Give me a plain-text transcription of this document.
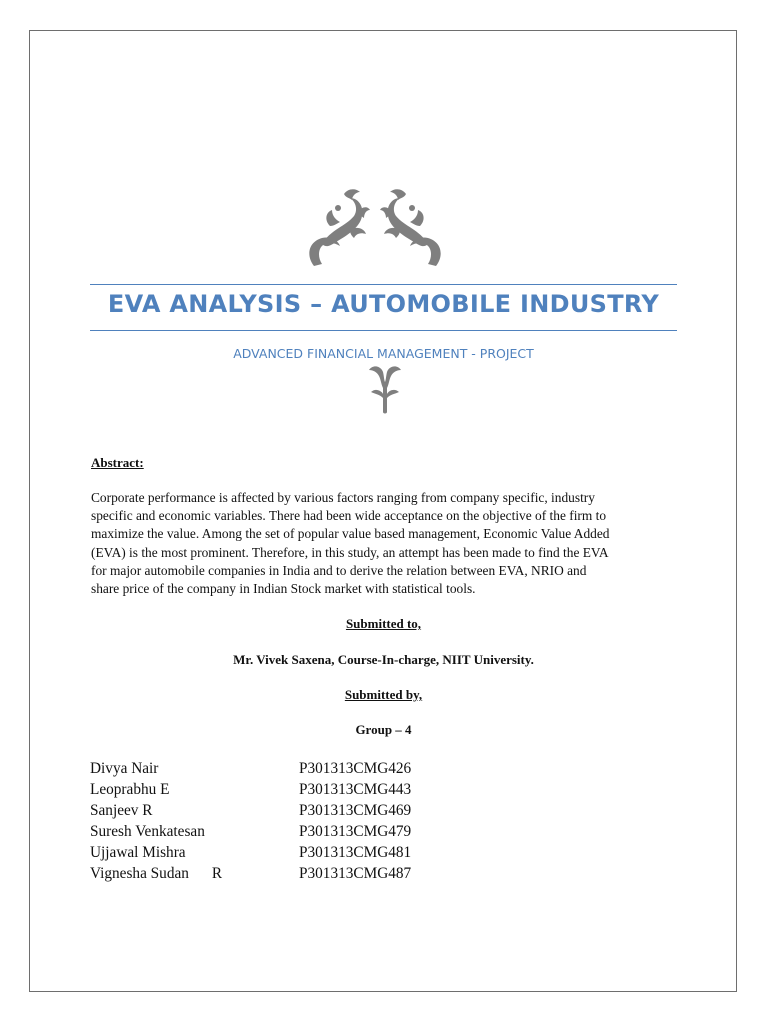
EVA ANALYSIS – AUTOMOBILE INDUSTRY
ADVANCED FINANCIAL MANAGEMENT - PROJECT
Abstract:
Corporate performance is affected by various factors ranging from company specific, industry
specific and economic variables. There had been wide acceptance on the objective of the firm to
maximize the value. Among the set of popular value based management, Economic Value Added
(EVA) is the most prominent. Therefore, in this study, an attempt has been made to find the EVA
for major automobile companies in India and to derive the relation between EVA, NRIO and
share price of the company in Indian Stock market with statistical tools.
Submitted to,
Mr. Vivek Saxena, Course-In-charge, NIIT University.
Submitted by,
Group – 4
Divya Nair	P301313CMG426
Leoprabhu E	P301313CMG443
Sanjeev R	P301313CMG469
Suresh Venkatesan	P301313CMG479
Ujjawal Mishra	P301313CMG481
Vignesha Sudan      R	P301313CMG487
